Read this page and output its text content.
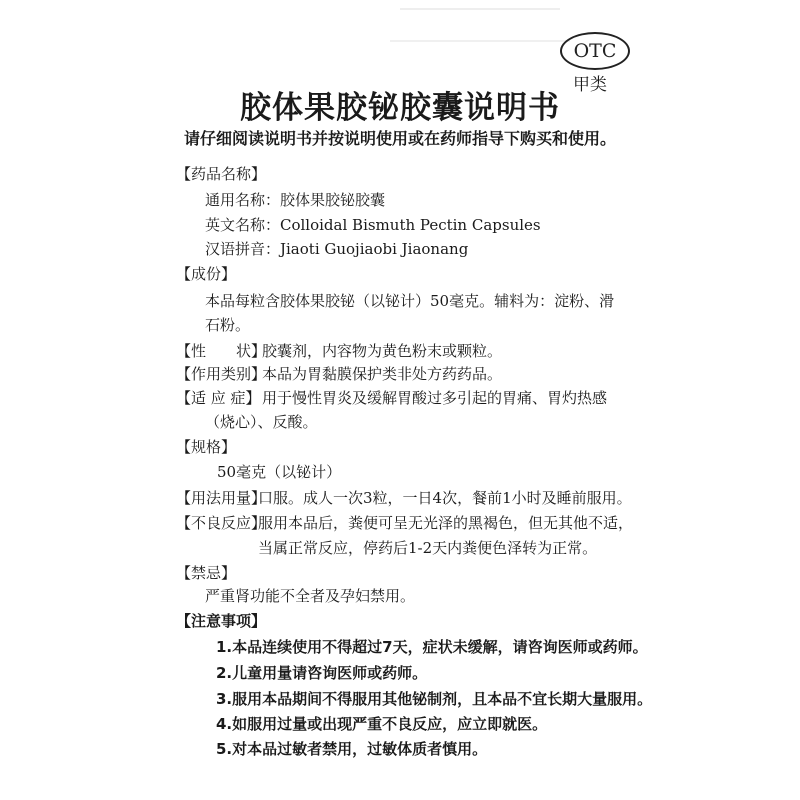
OTC
甲类
胶体果胶铋胶囊说明书
请仔细阅读说明书并按说明使用或在药师指导下购买和使用。
【药品名称】
通用名称：胶体果胶铋胶囊
英文名称：Colloidal Bismuth Pectin Capsules
汉语拼音：Jiaoti Guojiaobi Jiaonang
【成份】
本品每粒含胶体果胶铋（以铋计）50毫克。辅料为：淀粉、滑
石粉。
【性　　状】
胶囊剂，内容物为黄色粉末或颗粒。
【作用类别】
本品为胃黏膜保护类非处方药药品。
【适 应 症】 用于慢性胃炎及缓解胃酸过多引起的胃痛、胃灼热感
（烧心）、反酸。
【规格】
50毫克（以铋计）
【用法用量】
口服。成人一次3粒，一日4次，餐前1小时及睡前服用。
【不良反应】
服用本品后，粪便可呈无光泽的黑褐色，但无其他不适，
当属正常反应，停药后1-2天内粪便色泽转为正常。
【禁忌】
严重肾功能不全者及孕妇禁用。
【注意事项】
1.本品连续使用不得超过7天，症状未缓解，请咨询医师或药师。
2.儿童用量请咨询医师或药师。
3.服用本品期间不得服用其他铋制剂，且本品不宜长期大量服用。
4.如服用过量或出现严重不良反应，应立即就医。
5.对本品过敏者禁用，过敏体质者慎用。
